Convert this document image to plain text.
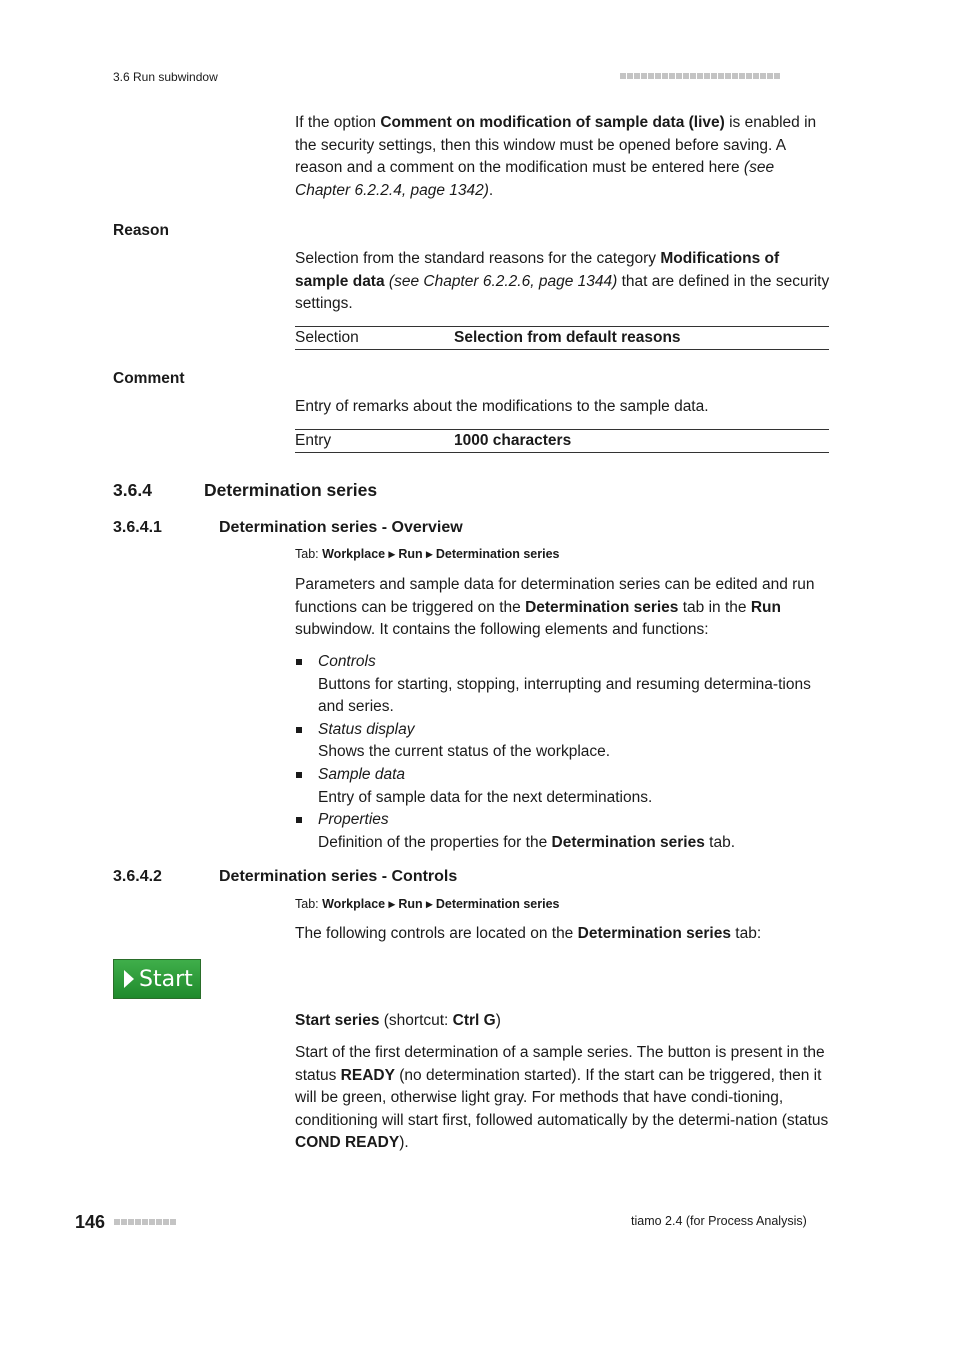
3.6 Run subwindow
If the option Comment on modification of sample data (live) is enabled in the security settings, then this window must be opened before saving. A reason and a comment on the modification must be entered here (see Chapter 6.2.2.4, page 1342).
Reason
Selection from the standard reasons for the category Modifications of sample data (see Chapter 6.2.2.6, page 1344) that are defined in the security settings.
Selection	Selection from default reasons
Comment
Entry of remarks about the modifications to the sample data.
Entry	1000 characters
3.6.4	Determination series
3.6.4.1	Determination series - Overview
Tab: Workplace ▸ Run ▸ Determination series
Parameters and sample data for determination series can be edited and run functions can be triggered on the Determination series tab in the Run subwindow. It contains the following elements and functions:
Controls
Buttons for starting, stopping, interrupting and resuming determina-tions and series.
Status display
Shows the current status of the workplace.
Sample data
Entry of sample data for the next determinations.
Properties
Definition of the properties for the Determination series tab.
3.6.4.2	Determination series - Controls
Tab: Workplace ▸ Run ▸ Determination series
The following controls are located on the Determination series tab:
Start
Start series (shortcut: Ctrl G)
Start of the first determination of a sample series. The button is present in the status READY (no determination started). If the start can be triggered, then it will be green, otherwise light gray. For methods that have condi-tioning, conditioning will start first, followed automatically by the determi-nation (status COND READY).
146	tiamo 2.4 (for Process Analysis)
